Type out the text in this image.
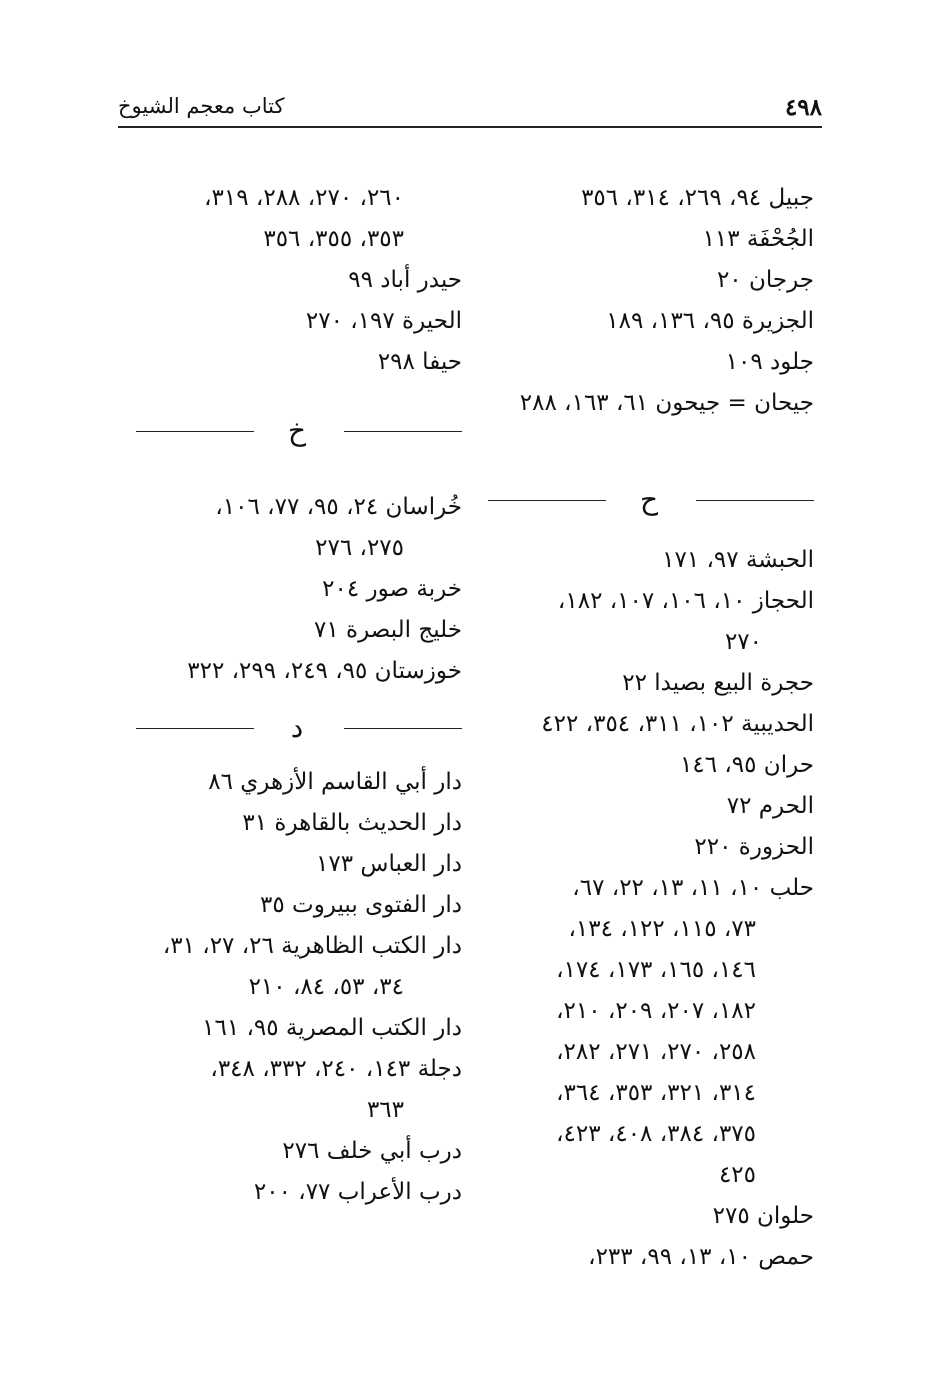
٤٩٨
كتاب معجم الشيوخ
جبيل ٩٤، ٢٦٩، ٣١٤، ٣٥٦
الجُحْفَة ١١٣
جرجان ٢٠
الجزيرة ٩٥، ١٣٦، ١٨٩
جلود ١٠٩
جيحان = جيحون ٦١، ١٦٣، ٢٨٨
ح
الحبشة ٩٧، ١٧١
الحجاز ١٠، ١٠٦، ١٠٧، ١٨٢،
٢٧٠
حجرة البيع بصيدا ٢٢
الحديبية ١٠٢، ٣١١، ٣٥٤، ٤٢٢
حران ٩٥، ١٤٦
الحرم ٧٢
الحزورة ٢٢٠
حلب ١٠، ١١، ١٣، ٢٢، ٦٧،
٧٣، ١١٥، ١٢٢، ١٣٤،
١٤٦، ١٦٥، ١٧٣، ١٧٤،
١٨٢، ٢٠٧، ٢٠٩، ٢١٠،
٢٥٨، ٢٧٠، ٢٧١، ٢٨٢،
٣١٤، ٣٢١، ٣٥٣، ٣٦٤،
٣٧٥، ٣٨٤، ٤٠٨، ٤٢٣،
٤٢٥
حلوان ٢٧٥
حمص ١٠، ١٣، ٩٩، ٢٣٣،
٢٦٠، ٢٧٠، ٢٨٨، ٣١٩،
٣٥٣، ٣٥٥، ٣٥٦
حيدر أباد ٩٩
الحيرة ١٩٧، ٢٧٠
حيفا ٢٩٨
خ
خُراسان ٢٤، ٩٥، ٧٧، ١٠٦،
٢٧٥، ٢٧٦
خربة صور ٢٠٤
خليج البصرة ٧١
خوزستان ٩٥، ٢٤٩، ٢٩٩، ٣٢٢
د
دار أبي القاسم الأزهري ٨٦
دار الحديث بالقاهرة ٣١
دار العباس ١٧٣
دار الفتوى ببيروت ٣٥
دار الكتب الظاهرية ٢٦، ٢٧، ٣١،
٣٤، ٥٣، ٨٤، ٢١٠
دار الكتب المصرية ٩٥، ١٦١
دجلة ١٤٣، ٢٤٠، ٣٣٢، ٣٤٨،
٣٦٣
درب أبي خلف ٢٧٦
درب الأعراب ٧٧، ٢٠٠
